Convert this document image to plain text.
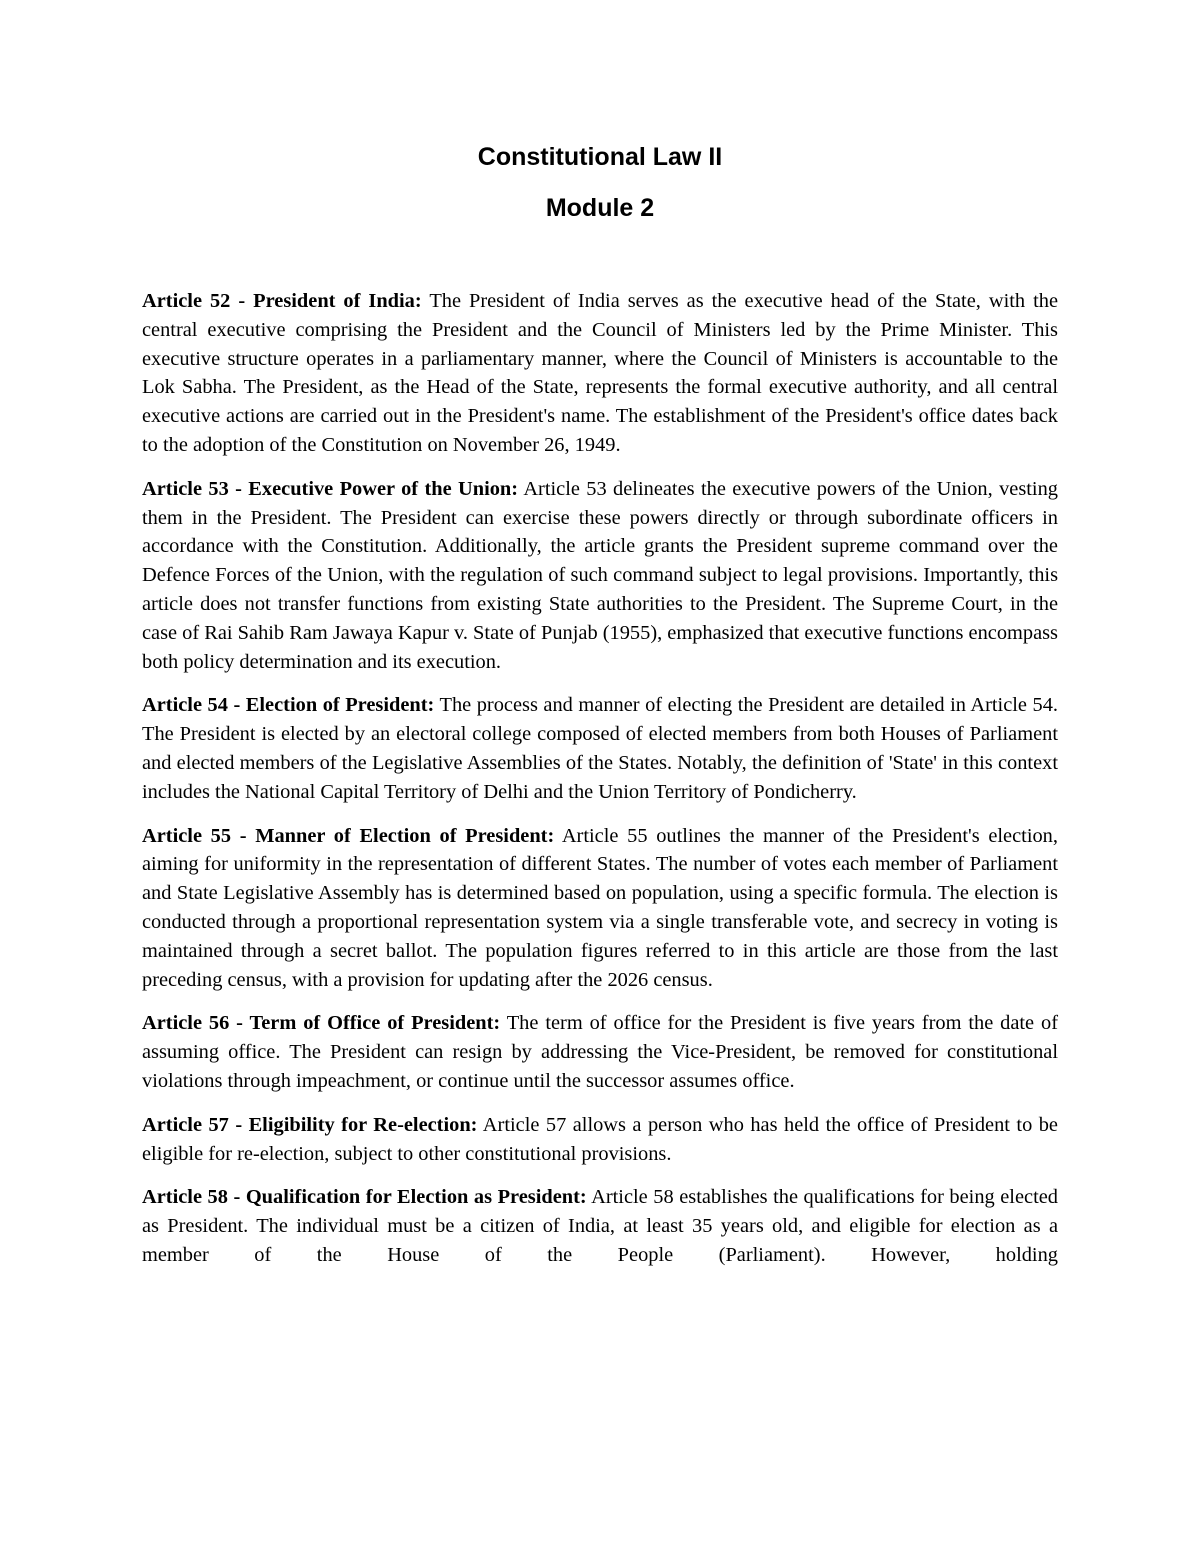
Constitutional Law II
Module 2

Article 52 - President of India: The President of India serves as the executive head of the State, with the central executive comprising the President and the Council of Ministers led by the Prime Minister. This executive structure operates in a parliamentary manner, where the Council of Ministers is accountable to the Lok Sabha. The President, as the Head of the State, represents the formal executive authority, and all central executive actions are carried out in the President's name. The establishment of the President's office dates back to the adoption of the Constitution on November 26, 1949.

Article 53 - Executive Power of the Union: Article 53 delineates the executive powers of the Union, vesting them in the President. The President can exercise these powers directly or through subordinate officers in accordance with the Constitution. Additionally, the article grants the President supreme command over the Defence Forces of the Union, with the regulation of such command subject to legal provisions. Importantly, this article does not transfer functions from existing State authorities to the President. The Supreme Court, in the case of Rai Sahib Ram Jawaya Kapur v. State of Punjab (1955), emphasized that executive functions encompass both policy determination and its execution.

Article 54 - Election of President: The process and manner of electing the President are detailed in Article 54. The President is elected by an electoral college composed of elected members from both Houses of Parliament and elected members of the Legislative Assemblies of the States. Notably, the definition of 'State' in this context includes the National Capital Territory of Delhi and the Union Territory of Pondicherry.

Article 55 - Manner of Election of President: Article 55 outlines the manner of the President's election, aiming for uniformity in the representation of different States. The number of votes each member of Parliament and State Legislative Assembly has is determined based on population, using a specific formula. The election is conducted through a proportional representation system via a single transferable vote, and secrecy in voting is maintained through a secret ballot. The population figures referred to in this article are those from the last preceding census, with a provision for updating after the 2026 census.

Article 56 - Term of Office of President: The term of office for the President is five years from the date of assuming office. The President can resign by addressing the Vice-President, be removed for constitutional violations through impeachment, or continue until the successor assumes office.

Article 57 - Eligibility for Re-election: Article 57 allows a person who has held the office of President to be eligible for re-election, subject to other constitutional provisions.

Article 58 - Qualification for Election as President: Article 58 establishes the qualifications for being elected as President. The individual must be a citizen of India, at least 35 years old, and eligible for election as a member of the House of the People (Parliament). However, holding
